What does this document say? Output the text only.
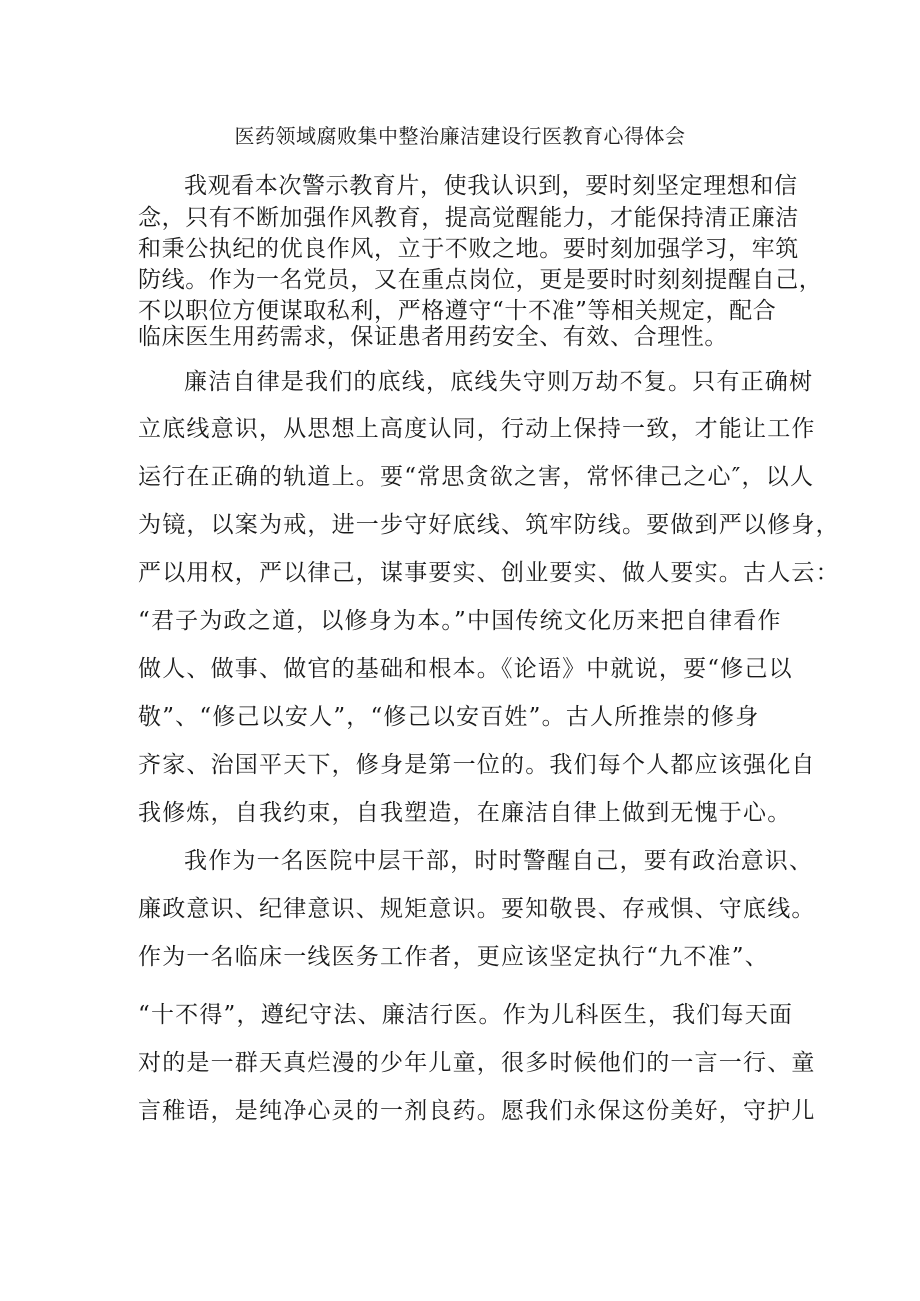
医药领域腐败集中整治廉洁建设行医教育心得体会
我观看本次警示教育片，使我认识到，要时刻坚定理想和信
念，只有不断加强作风教育，提高觉醒能力，才能保持清正廉洁
和秉公执纪的优良作风，立于不败之地。要时刻加强学习，牢筑
防线。作为一名党员，又在重点岗位，更是要时时刻刻提醒自己，
不以职位方便谋取私利，严格遵守“十不准”等相关规定，配合
临床医生用药需求，保证患者用药安全、有效、合理性。
廉洁自律是我们的底线，底线失守则万劫不复。只有正确树
立底线意识，从思想上高度认同，行动上保持一致，才能让工作
运行在正确的轨道上。要“常思贪欲之害，常怀律己之心″，以人
为镜，以案为戒，进一步守好底线、筑牢防线。要做到严以修身，
严以用权，严以律己，谋事要实、创业要实、做人要实。古人云：
“君子为政之道，以修身为本。”中国传统文化历来把自律看作
做人、做事、做官的基础和根本。《论语》中就说，要“修己以
敬”、“修己以安人”，“修己以安百姓”。古人所推崇的修身
齐家、治国平天下，修身是第一位的。我们每个人都应该强化自
我修炼，自我约束，自我塑造，在廉洁自律上做到无愧于心。
我作为一名医院中层干部，时时警醒自己，要有政治意识、
廉政意识、纪律意识、规矩意识。要知敬畏、存戒惧、守底线。
作为一名临床一线医务工作者，更应该坚定执行“九不准”、
“十不得”，遵纪守法、廉洁行医。作为儿科医生，我们每天面
对的是一群天真烂漫的少年儿童，很多时候他们的一言一行、童
言稚语，是纯净心灵的一剂良药。愿我们永保这份美好，守护儿
